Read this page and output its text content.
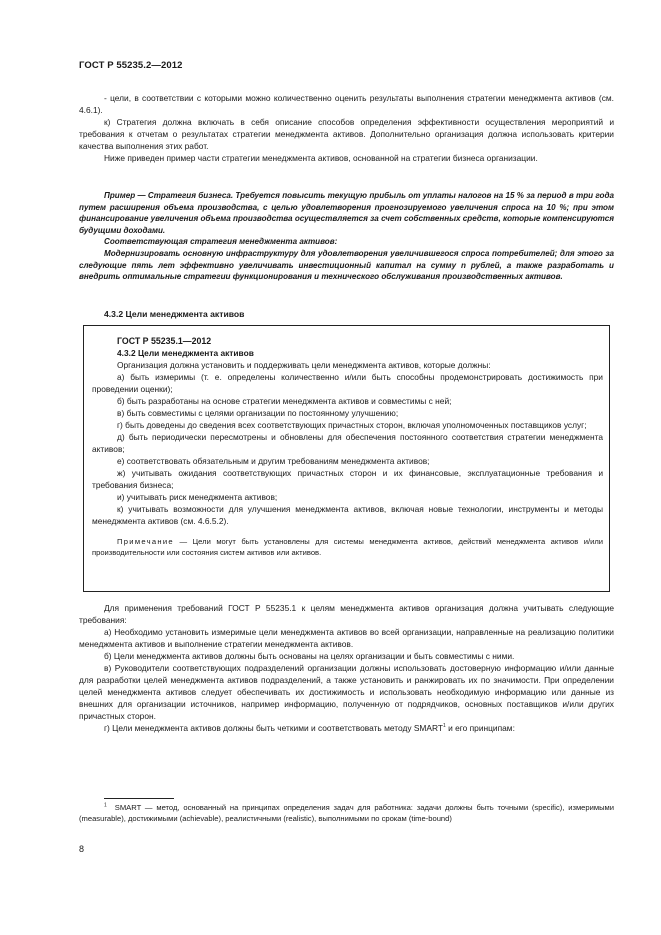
ГОСТ Р 55235.2—2012

- цели, в соответствии с которыми можно количественно оценить результаты выполнения стратегии менеджмента активов (см. 4.6.1).

к) Стратегия должна включать в себя описание способов определения эффективности осуществления мероприятий и требования к отчетам о результатах стратегии менеджмента активов. Дополнительно организация должна использовать критерии качества выполнения этих работ.

Ниже приведен пример части стратегии менеджмента активов, основанной на стратегии бизнеса организации.

Пример — Стратегия бизнеса. Требуется повысить текущую прибыль от уплаты налогов на 15 % за период в три года путем расширения объема производства, с целью удовлетворения прогнозируемого увеличения спроса на 10 %; при этом финансирование увеличения объема производства осуществляется за счет собственных средств, которые компенсируются будущими доходами.

Соответствующая стратегия менеджмента активов:

Модернизировать основную инфраструктуру для удовлетворения увеличившегося спроса потребителей; для этого за следующие пять лет эффективно увеличивать инвестиционный капитал на сумму n рублей, а также разработать и внедрить оптимальные стратегии функционирования и технического обслуживания производственных активов.

4.3.2 Цели менеджмента активов

ГОСТ Р 55235.1—2012

4.3.2 Цели менеджмента активов

Организация должна установить и поддерживать цели менеджмента активов, которые должны:

а) быть измеримы (т. е. определены количественно и/или быть способны продемонстрировать достижимость при проведении оценки);

б) быть разработаны на основе стратегии менеджмента активов и совместимы с ней;

в) быть совместимы с целями организации по постоянному улучшению;

г) быть доведены до сведения всех соответствующих причастных сторон, включая уполномоченных поставщиков услуг;

д) быть периодически пересмотрены и обновлены для обеспечения постоянного соответствия стратегии менеджмента активов;

е) соответствовать обязательным и другим требованиям менеджмента активов;

ж) учитывать ожидания соответствующих причастных сторон и их финансовые, эксплуатационные требования и требования бизнеса;

и) учитывать риск менеджмента активов;

к) учитывать возможности для улучшения менеджмента активов, включая новые технологии, инструменты и методы менеджмента активов (см. 4.6.5.2).

Примечание — Цели могут быть установлены для системы менеджмента активов, действий менеджмента активов и/или производительности или состояния систем активов или активов.

Для применения требований ГОСТ Р 55235.1 к целям менеджмента активов организация должна учитывать следующие требования:

а) Необходимо установить измеримые цели менеджмента активов во всей организации, направленные на реализацию политики менеджмента активов и выполнение стратегии менеджмента активов.

б) Цели менеджмента активов должны быть основаны на целях организации и быть совместимы с ними.

в) Руководители соответствующих подразделений организации должны использовать достоверную информацию и/или данные для разработки целей менеджмента активов подразделений, а также установить и ранжировать их по значимости. При определении целей менеджмента активов следует обеспечивать их достижимость и использовать необходимую информацию или данные из внешних для организации источников, например информацию, полученную от подрядчиков, основных поставщиков и/или других причастных сторон.

г) Цели менеджмента активов должны быть четкими и соответствовать методу SMART$^1$ и его принципам:

$^1$ SMART — метод, основанный на принципах определения задач для работника: задачи должны быть точными (specific), измеримыми (measurable), достижимыми (achievable), реалистичными (realistic), выполнимыми по срокам (time-bound)

8
